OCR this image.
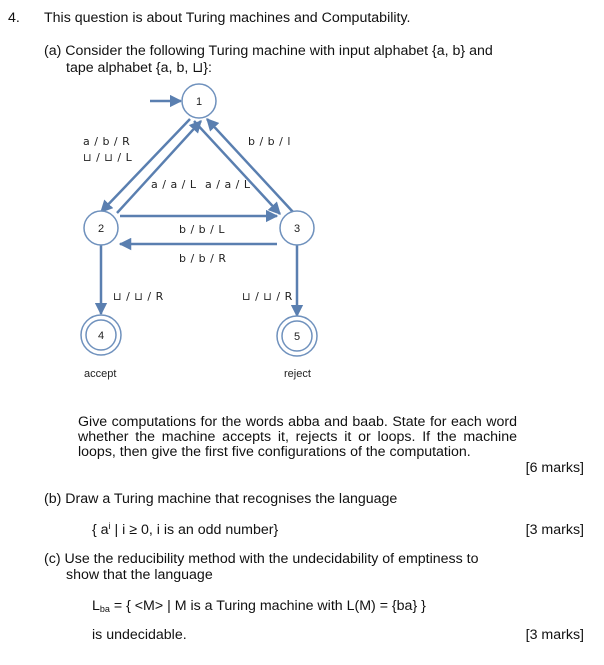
4. This question is about Turing machines and Computability.
(a) Consider the following Turing machine with input alphabet {a, b} and
tape alphabet {a, b, ⊔}:
1
2	3
4	5
a / b / R
⊔ / ⊔ / L
b / b / l
a / a / L a / a / L
b / b / L
b / b / R
⊔ / ⊔ / R	⊔ / ⊔ / R
accept	reject
Give computations for the words abba and baab. State for each word whether the machine accepts it, rejects it or loops. If the machine loops, then give the first five configurations of the computation.
[6 marks]
(b) Draw a Turing machine that recognises the language
{ $a^i$ | i ≥ 0, i is an odd number}	[3 marks]
(c) Use the reducibility method with the undecidability of emptiness to
show that the language
$L_{ba}$ = { <M> | M is a Turing machine with L(M) = {ba} }
is undecidable.	[3 marks]
